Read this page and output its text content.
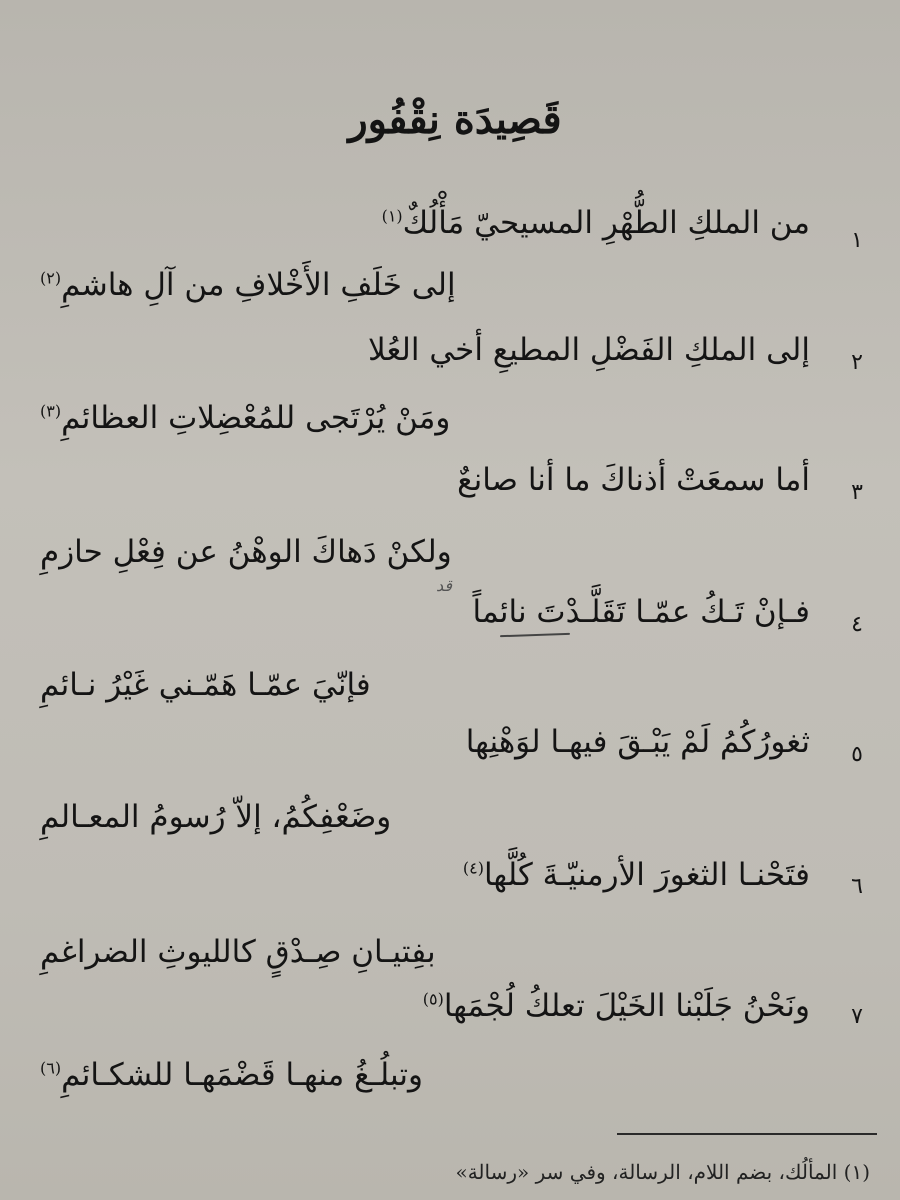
قَصِيدَة نِقْفُور
١
من الملكِ الطُّهْرِ المسيحيّ مَأْلُكٌ$^{(١)}$
إلى خَلَفِ الأَخْلافِ من آلِ هاشمِ$^{(٢)}$
٢
إلى الملكِ الفَضْلِ المطيعِ أخي العُلا
ومَنْ يُرْتَجى للمُعْضِلاتِ العظائمِ$^{(٣)}$
٣
أما سمعَتْ أذناكَ ما أنا صانعٌ
ولكنْ دَهاكَ الوهْنُ عن فِعْلِ حازمِ
٤
فـإنْ تَـكُ عمّـا تَقَلَّـدْتَ نائماً
قد
فإنّيَ عمّـا هَمّـني غَيْرُ نـائمِ
٥
ثغورُكُمُ لَمْ يَبْـقَ فيهـا لوَهْنِها
وضَعْفِكُمُ، إلاّ رُسومُ المعـالمِ
٦
فتَحْنـا الثغورَ الأرمنيّـةَ كُلَّها$^{(٤)}$
بفِتيـانِ صِـدْقٍ كالليوثِ الضراغمِ
٧
ونَحْنُ جَلَبْنا الخَيْلَ تعلكُ لُجْمَها$^{(٥)}$
وتبلُـغُ منهـا قَضْمَهـا للشكـائمِ$^{(٦)}$
(١) المألُك، بضم اللام، الرسالة، وفي سر «رسالة»
